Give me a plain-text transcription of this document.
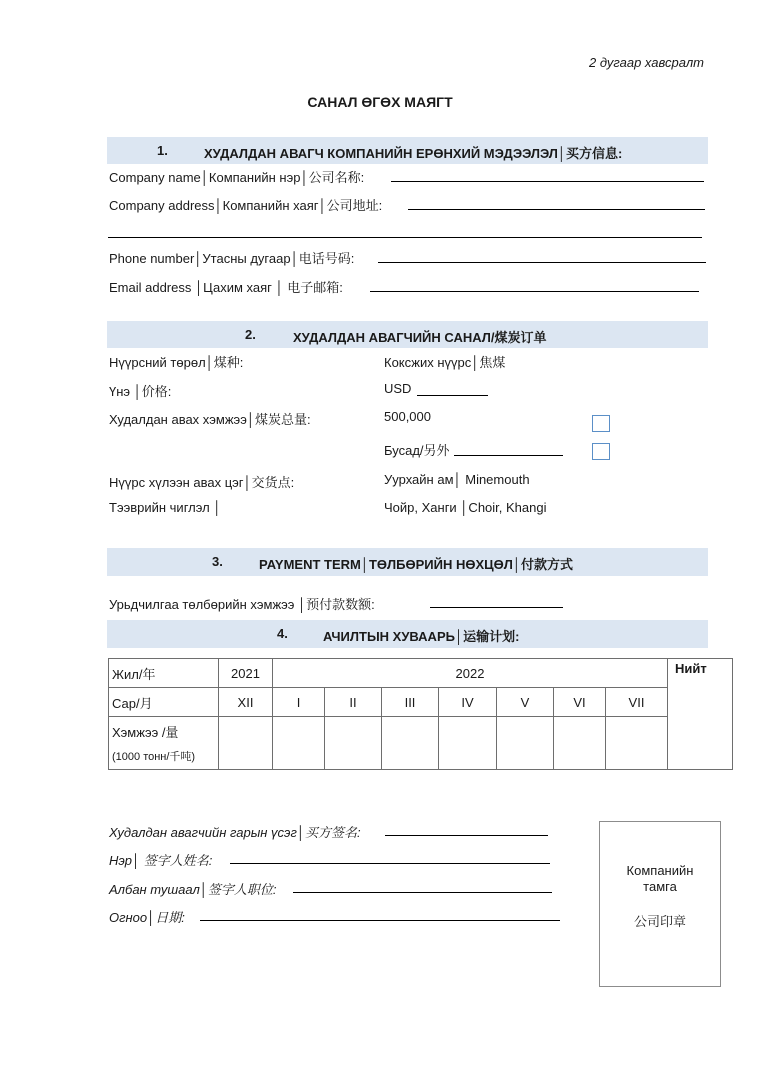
2 дугаар хавсралт
САНАЛ ӨГӨХ МАЯГТ
1.	ХУДАЛДАН АВАГЧ КОМПАНИЙН ЕРӨНХИЙ МЭДЭЭЛЭЛ│买方信息:
Company name│Компанийн нэр│公司名称:
Company address│Компанийн хаяг│公司地址:
Phone number│Утасны дугаар│电话号码:
Email address │Цахим хаяг │ 电子邮箱:
2.	ХУДАЛДАН АВАГЧИЙН САНАЛ/煤炭订单
Нүүрсний төрөл│煤种:	Коксжих нүүрс│焦煤
Үнэ │价格:	USD
Худалдан авах хэмжээ│煤炭总量:	500,000
Бусад/另外
Нүүрс хүлээн авах цэг│交货点:	Уурхайн ам│ Minemouth
Тээврийн чиглэл │	Чойр, Ханги │Choir, Khangi
3.	PAYMENT TERM│ТӨЛБӨРИЙН НӨХЦӨЛ│付款方式
Урьдчилгаа төлбөрийн хэмжээ │预付款数额:
4.	АЧИЛТЫН ХУВААРЬ│运输计划:
Жил/年	2021	2022							Нийт
Сар/月	XII	I	II	III	IV	V	VI	VII	

Хэмжээ /量
(1000 тонн/千吨)									

Худалдан авагчийн гарын үсэг│买方签名:
Нэр│ 签字人姓名:
Албан тушаал│签字人职位:
Огноо│日期:
Компанийн
тамга
公司印章
